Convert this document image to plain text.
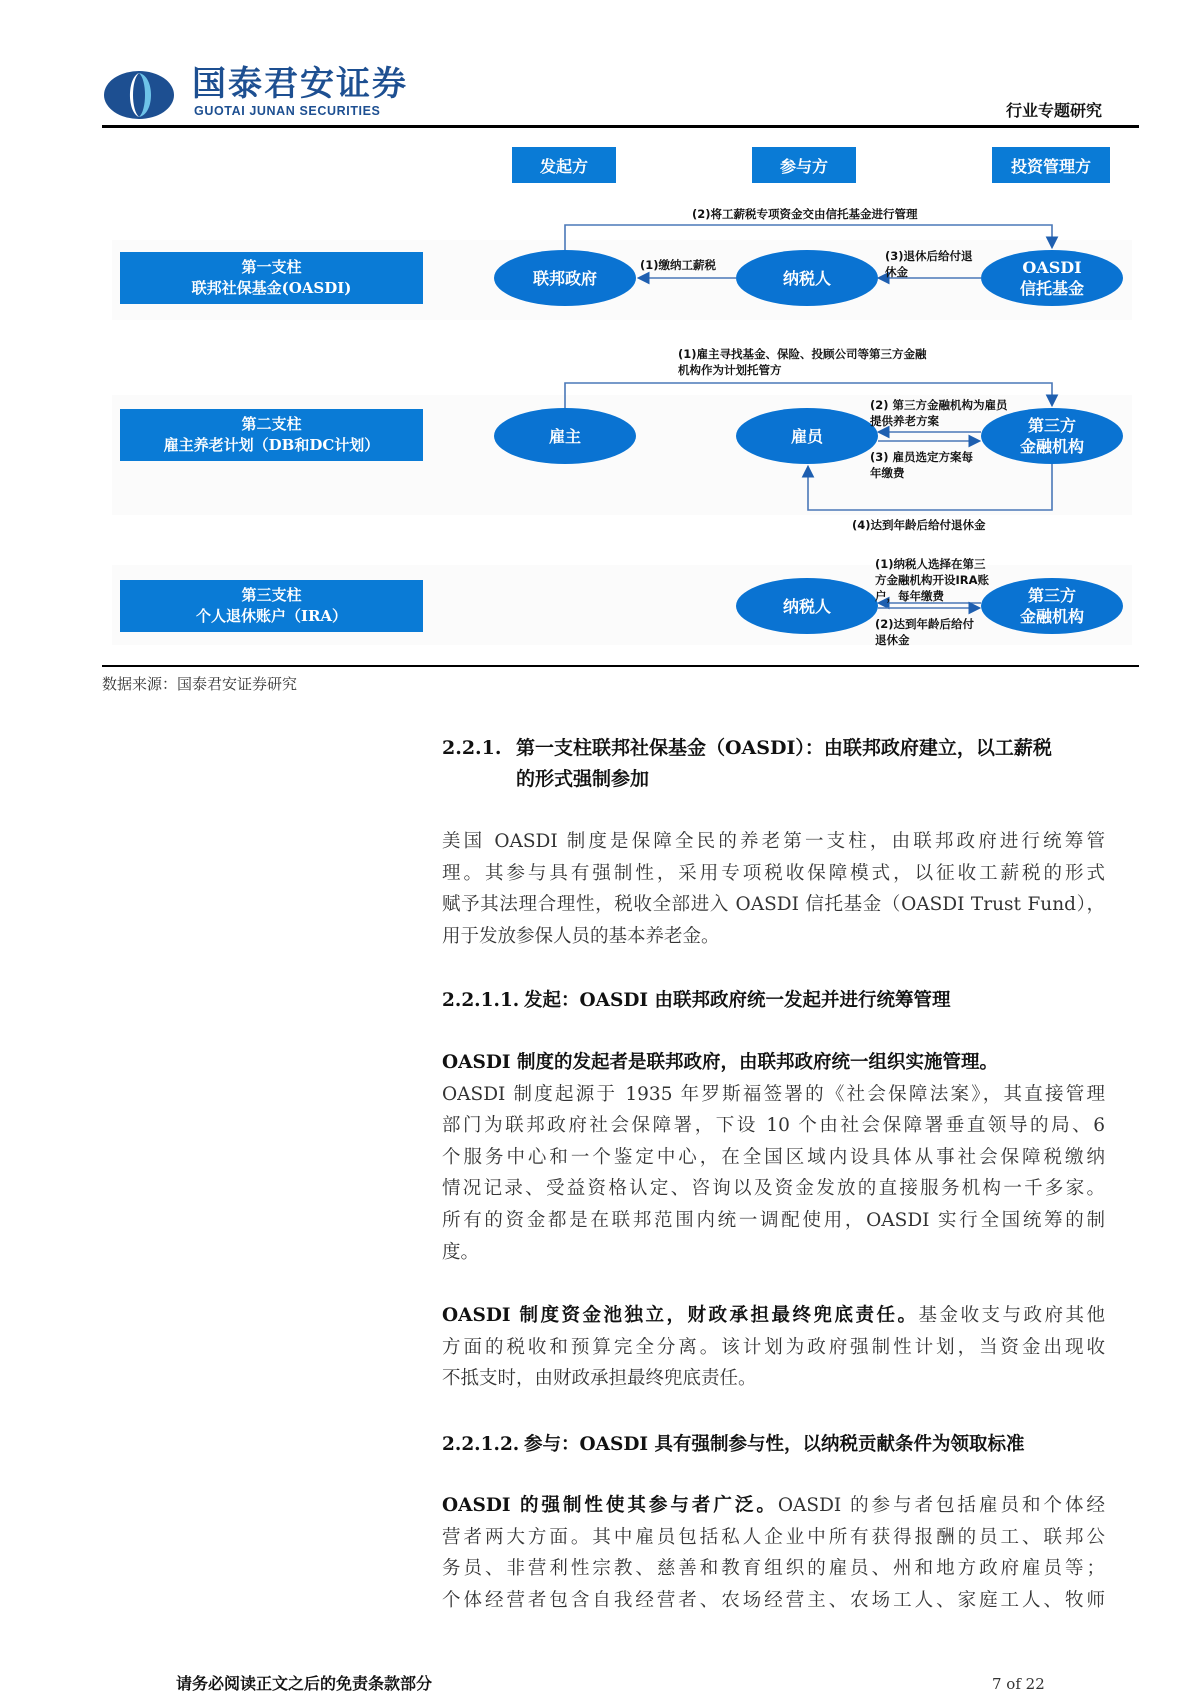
国泰君安证券
GUOTAI JUNAN SECURITIES	行业专题研究
发起方	参与方	投资管理方
第一支柱
联邦社保基金(OASDI)
第二支柱
雇主养老计划（DB和DC计划）
第三支柱
个人退休账户（IRA）
联邦政府	纳税人
OASDI
信托基金
(2)将工薪税专项资金交由信托基金进行管理
(1)缴纳工薪税
(3)退休后给付退
休金
雇主	雇员
第三方
金融机构
(1)雇主寻找基金、保险、投顾公司等第三方金融
机构作为计划托管方
(2) 第三方金融机构为雇员
提供养老方案
(3) 雇员选定方案每
年缴费
(4)达到年龄后给付退休金
纳税人
第三方
金融机构
(1)纳税人选择在第三
方金融机构开设IRA账
户，每年缴费
(2)达到年龄后给付
退休金
数据来源：国泰君安证券研究
2.2.1. 第一支柱联邦社保基金（OASDI）：由联邦政府建立，以工薪税
的形式强制参加
美国 OASDI 制度是保障全民的养老第一支柱，由联邦政府进行统筹管
理。其参与具有强制性，采用专项税收保障模式，以征收工薪税的形式
赋予其法理合理性，税收全部进入 OASDI 信托基金（OASDI Trust Fund），
用于发放参保人员的基本养老金。
2.2.1.1. 发起：OASDI 由联邦政府统一发起并进行统筹管理
OASDI 制度的发起者是联邦政府，由联邦政府统一组织实施管理。
OASDI 制度起源于 1935 年罗斯福签署的《社会保障法案》，其直接管理
部门为联邦政府社会保障署，下设 10 个由社会保障署垂直领导的局、6
个服务中心和一个鉴定中心，在全国区域内设具体从事社会保障税缴纳
情况记录、受益资格认定、咨询以及资金发放的直接服务机构一千多家。
所有的资金都是在联邦范围内统一调配使用，OASDI 实行全国统筹的制
度。
OASDI 制度资金池独立，财政承担最终兜底责任。基金收支与政府其他
方面的税收和预算完全分离。该计划为政府强制性计划，当资金出现收
不抵支时，由财政承担最终兜底责任。
2.2.1.2. 参与：OASDI 具有强制参与性，以纳税贡献条件为领取标准
OASDI 的强制性使其参与者广泛。OASDI 的参与者包括雇员和个体经
营者两大方面。其中雇员包括私人企业中所有获得报酬的员工、联邦公
务员、非营利性宗教、慈善和教育组织的雇员、州和地方政府雇员等；
个体经营者包含自我经营者、农场经营主、农场工人、家庭工人、牧师
请务必阅读正文之后的免责条款部分	7 of 22
